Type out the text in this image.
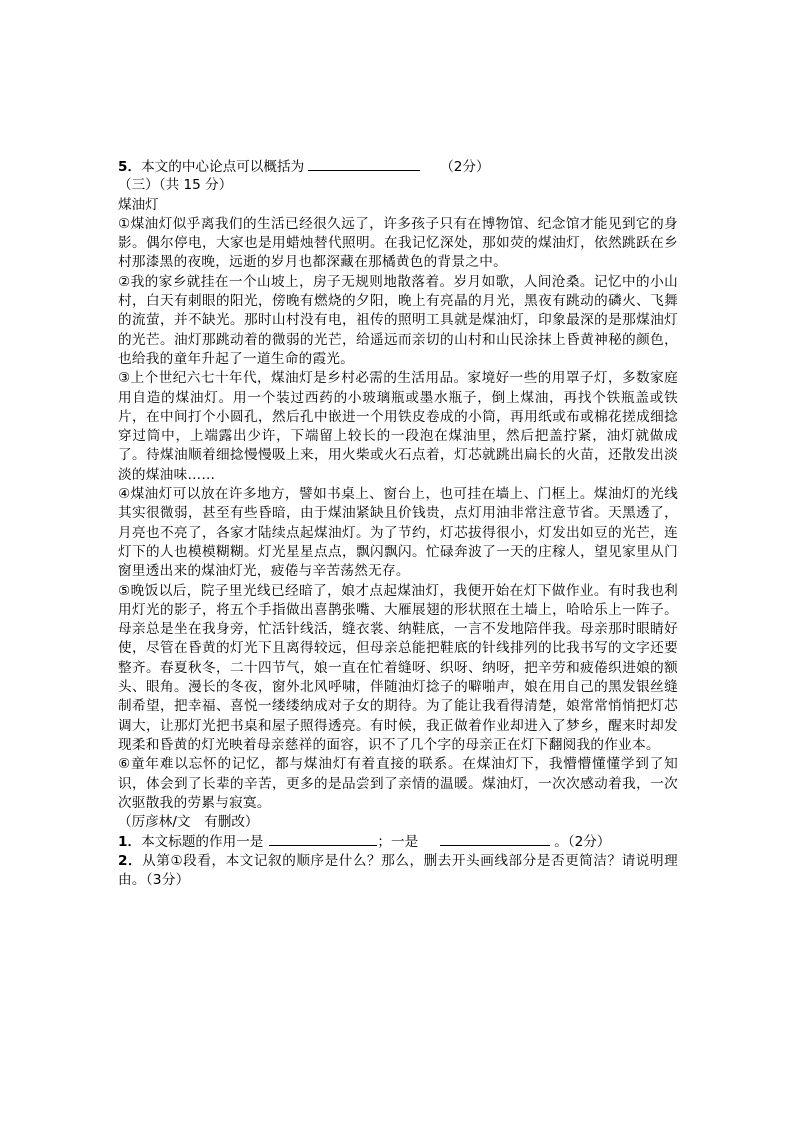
5．本文的中心论点可以概括为	（2分）
（三）（共 15 分）
煤油灯
①煤油灯似乎离我们的生活已经很久远了，许多孩子只有在博物馆、纪念馆才能见到它的身影。偶尔停电，大家也是用蜡烛替代照明。在我记忆深处，那如荧的煤油灯，依然跳跃在乡村那漆黑的夜晚，远逝的岁月也都深藏在那橘黄色的背景之中。
②我的家乡就挂在一个山坡上，房子无规则地散落着。岁月如歌，人间沧桑。记忆中的小山村，白天有刺眼的阳光，傍晚有燃烧的夕阳，晚上有亮晶的月光，黑夜有跳动的磷火、飞舞的流萤，并不缺光。那时山村没有电，祖传的照明工具就是煤油灯，印象最深的是那煤油灯的光芒。油灯那跳动着的微弱的光芒，给遥远而亲切的山村和山民涂抹上昏黄神秘的颜色，也给我的童年升起了一道生命的霞光。
③上个世纪六七十年代，煤油灯是乡村必需的生活用品。家境好一些的用罩子灯，多数家庭用自造的煤油灯。用一个装过西药的小玻璃瓶或墨水瓶子，倒上煤油，再找个铁瓶盖或铁片，在中间打个小圆孔，然后孔中嵌进一个用铁皮卷成的小筒，再用纸或布或棉花搓成细捻穿过筒中，上端露出少许，下端留上较长的一段泡在煤油里，然后把盖拧紧，油灯就做成了。待煤油顺着细捻慢慢吸上来，用火柴或火石点着，灯芯就跳出扁长的火苗，还散发出淡淡的煤油味……
④煤油灯可以放在许多地方，譬如书桌上、窗台上，也可挂在墙上、门框上。煤油灯的光线其实很微弱，甚至有些昏暗，由于煤油紧缺且价钱贵，点灯用油非常注意节省。天黑透了，月亮也不亮了，各家才陆续点起煤油灯。为了节约，灯芯拔得很小，灯发出如豆的光芒，连灯下的人也模模糊糊。灯光星星点点，飘闪飘闪。忙碌奔波了一天的庄稼人，望见家里从门窗里透出来的煤油灯光，疲倦与辛苦荡然无存。
⑤晚饭以后，院子里光线已经暗了，娘才点起煤油灯，我便开始在灯下做作业。有时我也利用灯光的影子，将五个手指做出喜鹊张嘴、大雁展翅的形状照在土墙上，哈哈乐上一阵子。母亲总是坐在我身旁，忙活针线活，缝衣裳、纳鞋底，一言不发地陪伴我。母亲那时眼睛好使，尽管在昏黄的灯光下且离得较远，但母亲总能把鞋底的针线排列的比我书写的文字还要整齐。春夏秋冬，二十四节气，娘一直在忙着缝呀、织呀、纳呀，把辛劳和疲倦织进娘的额头、眼角。漫长的冬夜，窗外北风呼啸，伴随油灯捻子的噼啪声，娘在用自己的黑发银丝缝制希望，把幸福、喜悦一缕缕纳成对子女的期待。为了能让我看得清楚，娘常常悄悄把灯芯调大，让那灯光把书桌和屋子照得透亮。有时候，我正做着作业却进入了梦乡，醒来时却发现柔和昏黄的灯光映着母亲慈祥的面容，识不了几个字的母亲正在灯下翻阅我的作业本。
⑥童年难以忘怀的记忆，都与煤油灯有着直接的联系。在煤油灯下，我懵懵懂懂学到了知识，体会到了长辈的辛苦，更多的是品尝到了亲情的温暖。煤油灯，一次次感动着我，一次次驱散我的劳累与寂寞。
（厉彦林/文　有删改）
1．本文标题的作用一是	；一是	。（2分）
2．从第①段看，本文记叙的顺序是什么？那么，删去开头画线部分是否更简洁？请说明理由。（3分）
